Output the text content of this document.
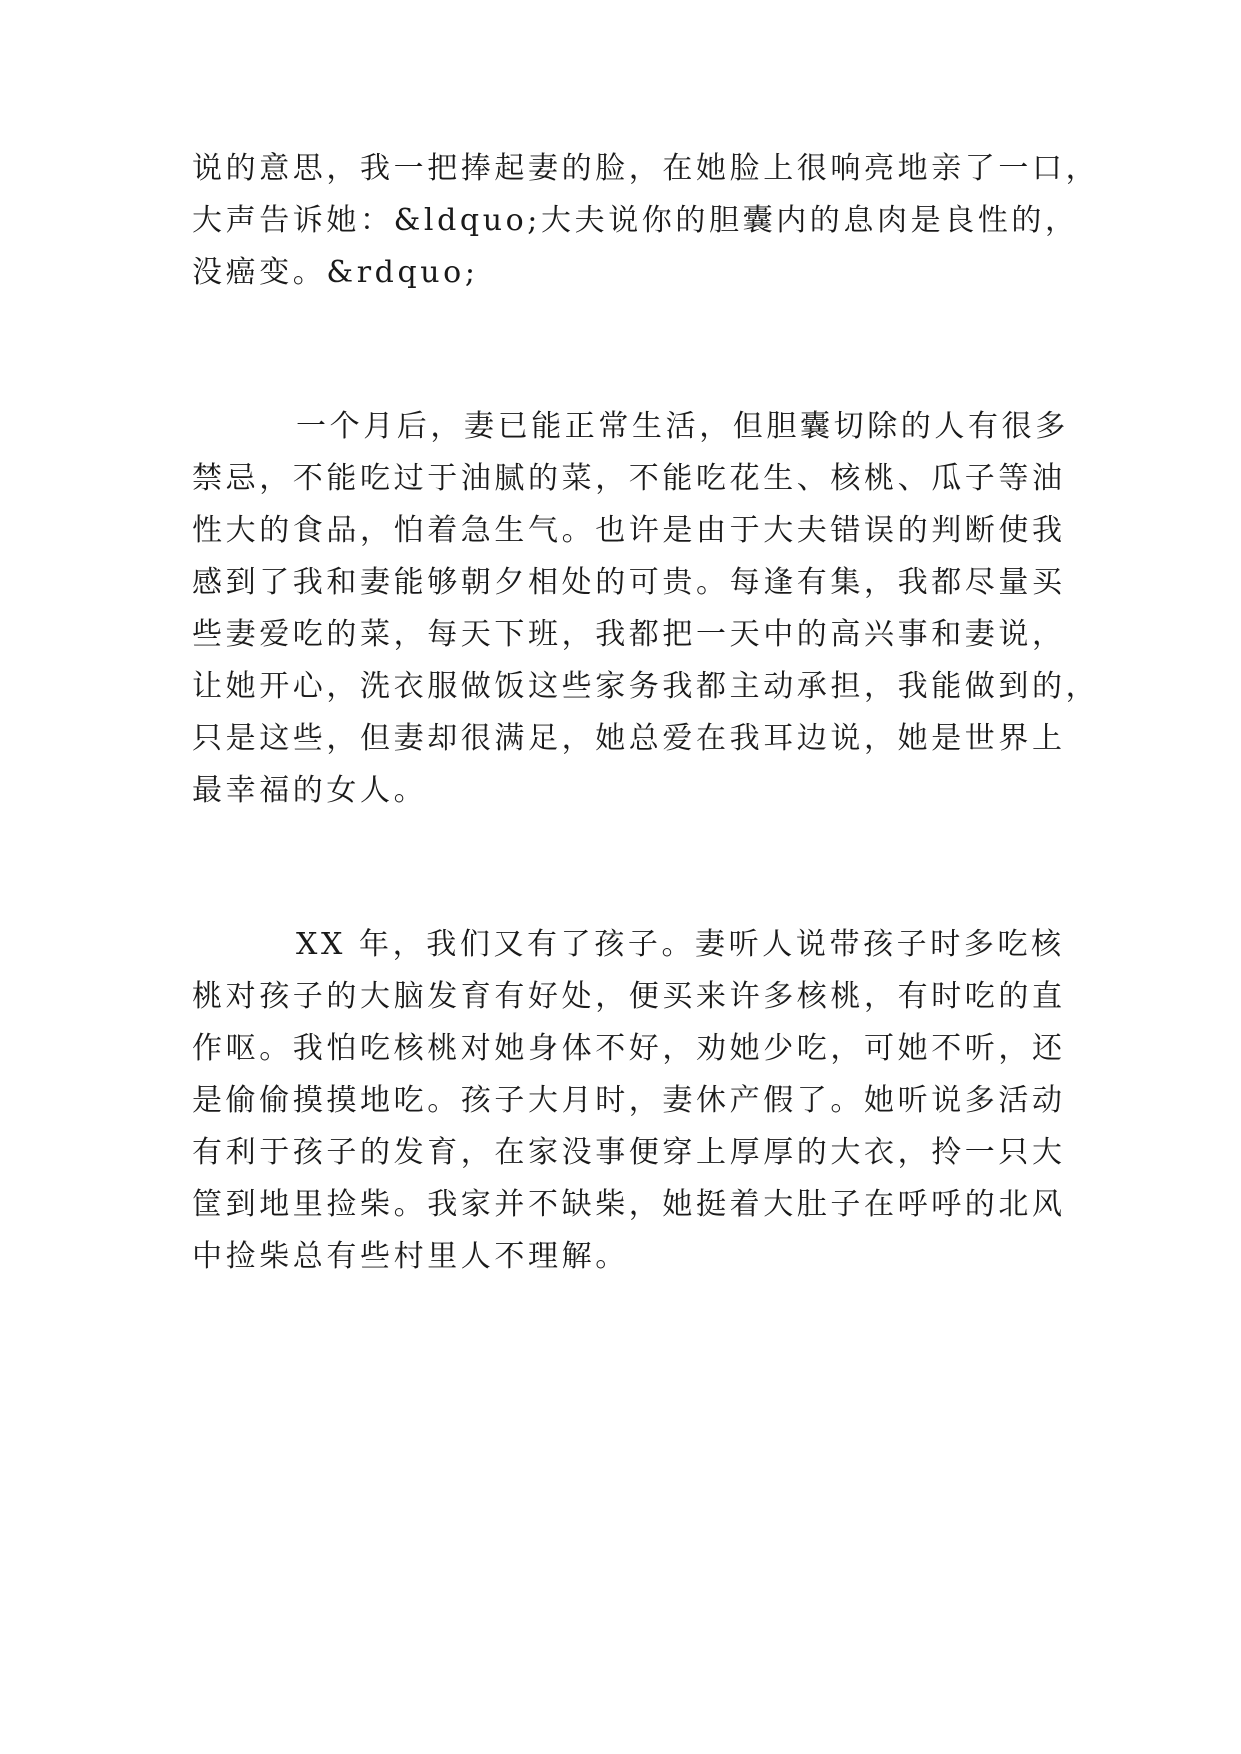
说的意思，我一把捧起妻的脸，在她脸上很响亮地亲了一口，

大声告诉她：&ldquo;大夫说你的胆囊内的息肉是良性的，

没癌变。&rdquo;

一个月后，妻已能正常生活，但胆囊切除的人有很多

禁忌，不能吃过于油腻的菜，不能吃花生、核桃、瓜子等油

性大的食品，怕着急生气。也许是由于大夫错误的判断使我

感到了我和妻能够朝夕相处的可贵。每逢有集，我都尽量买

些妻爱吃的菜，每天下班，我都把一天中的高兴事和妻说，

让她开心，洗衣服做饭这些家务我都主动承担，我能做到的，

只是这些，但妻却很满足，她总爱在我耳边说，她是世界上

最幸福的女人。

XX 年，我们又有了孩子。妻听人说带孩子时多吃核

桃对孩子的大脑发育有好处，便买来许多核桃，有时吃的直

作呕。我怕吃核桃对她身体不好，劝她少吃，可她不听，还

是偷偷摸摸地吃。孩子大月时，妻休产假了。她听说多活动

有利于孩子的发育，在家没事便穿上厚厚的大衣，拎一只大

筐到地里捡柴。我家并不缺柴，她挺着大肚子在呼呼的北风

中捡柴总有些村里人不理解。
